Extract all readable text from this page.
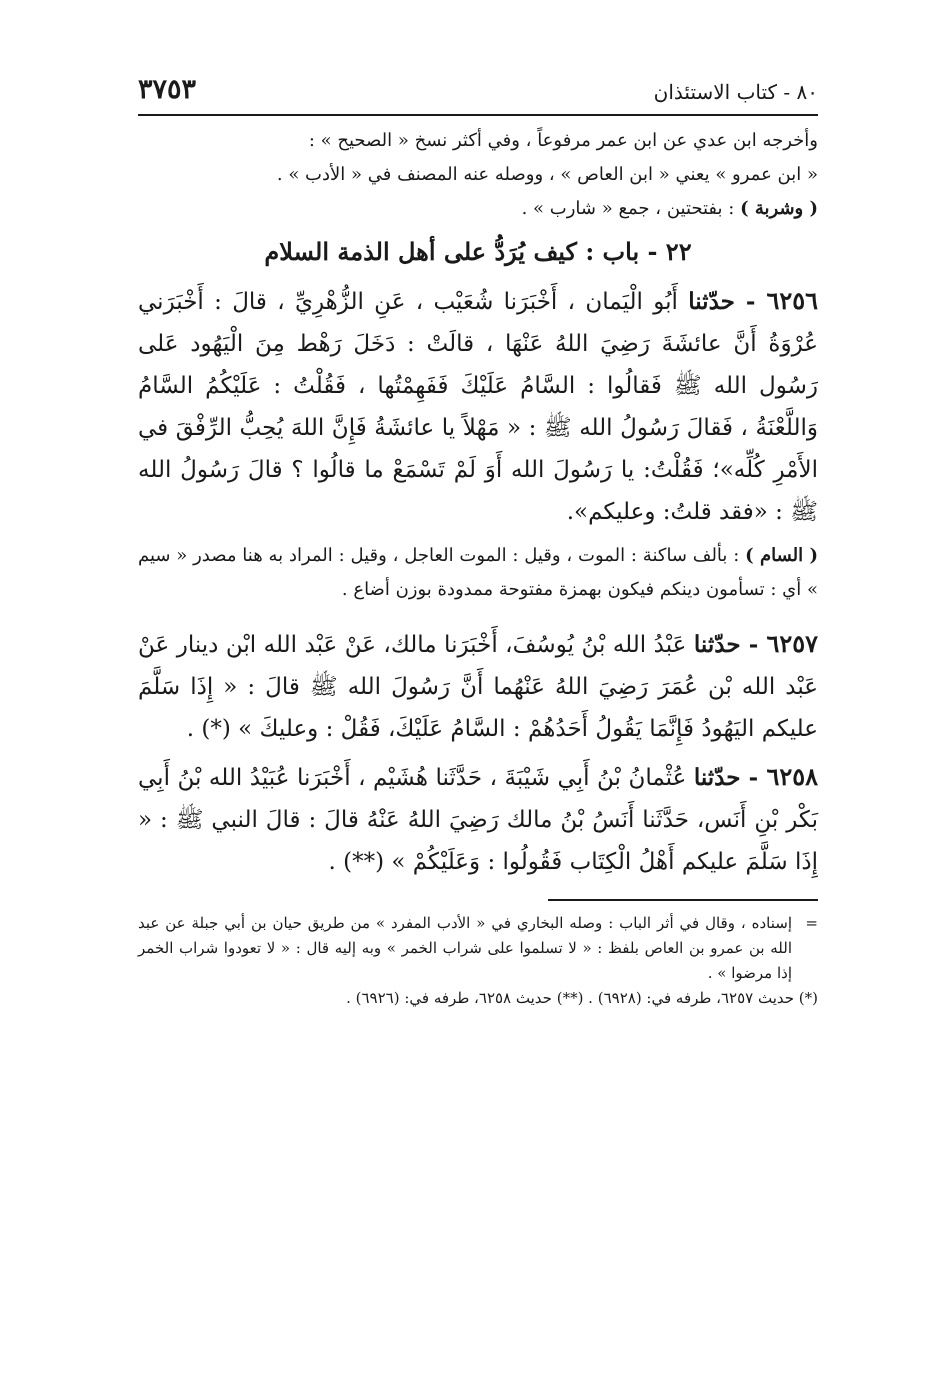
٣٧٥٣	٨٠ - كتاب الاستئذان

وأخرجه ابن عدي عن ابن عمر مرفوعاً ، وفي أكثر نسخ « الصحيح » :

« ابن عمرو » يعني « ابن العاص » ، ووصله عنه المصنف في « الأدب » .

( وشربة ) : بفتحتين ، جمع « شارب » .

٢٢ - باب : كيف يُرَدُّ على أهل الذمة السلام

٦٢٥٦ - حدّثنا أَبُو الْيَمان ، أَخْبَرَنا شُعَيْب ، عَنِ الزُّهْرِيِّ ، قالَ : أَخْبَرَني عُرْوَةُ أَنَّ عائشَةَ رَضِيَ اللهُ عَنْهَا ، قالَتْ : دَخَلَ رَهْط مِنَ الْيَهُود عَلى رَسُول الله ﷺ فَقالُوا : السَّامُ عَلَيْكَ فَفَهِمْتُها ، فَقُلْتُ : عَلَيْكُمُ السَّامُ وَاللَّعْنَةُ ، فَقالَ رَسُولُ الله ﷺ : « مَهْلاً يا عائشَةُ فَإِنَّ اللهَ يُحِبُّ الرِّفْقَ في الأَمْرِ كُلِّه»؛ فَقُلْتُ: يا رَسُولَ الله أَوَ لَمْ تَسْمَعْ ما قالُوا ؟ قالَ رَسُولُ الله ﷺ : «فقد قلتُ: وعليكم».

( السام ) : بألف ساكنة : الموت ، وقيل : الموت العاجل ، وقيل : المراد به هنا مصدر « سيم » أي : تسأمون دينكم فيكون بهمزة مفتوحة ممدودة بوزن أضاع .

٦٢٥٧ - حدّثنا عَبْدُ الله بْنُ يُوسُفَ، أَخْبَرَنا مالك، عَنْ عَبْد الله ابْن دينار عَنْ عَبْد الله بْن عُمَرَ رَضِيَ اللهُ عَنْهُما أَنَّ رَسُولَ الله ﷺ قالَ : « إِذَا سَلَّمَ عليكم اليَهُودُ فَإِنَّمَا يَقُولُ أَحَدُهُمْ : السَّامُ عَلَيْكَ، فَقُلْ : وعليكَ » (*) .

٦٢٥٨ - حدّثنا عُثْمانُ بْنُ أَبِي شَيْبَةَ ، حَدَّثَنا هُشَيْم ، أَخْبَرَنا عُبَيْدُ الله بْنُ أَبِي بَكْر بْنِ أَنَس، حَدَّثَنا أَنَسُ بْنُ مالك رَضِيَ اللهُ عَنْهُ قالَ : قالَ النبي ﷺ : « إِذَا سَلَّمَ عليكم أَهْلُ الْكِتَاب فَقُولُوا : وَعَلَيْكُمْ » (**) .

=
إسناده ، وقال في أثر الباب : وصله البخاري في « الأدب المفرد » من طريق حيان بن أبي جبلة عن عبد الله بن عمرو بن العاص بلفظ : « لا تسلموا على شراب الخمر » وبه إليه قال : « لا تعودوا شراب الخمر إذا مرضوا » .

(*) حديث ٦٢٥٧، طرفه في: (٦٩٢٨) . (**) حديث ٦٢٥٨، طرفه في: (٦٩٢٦) .
